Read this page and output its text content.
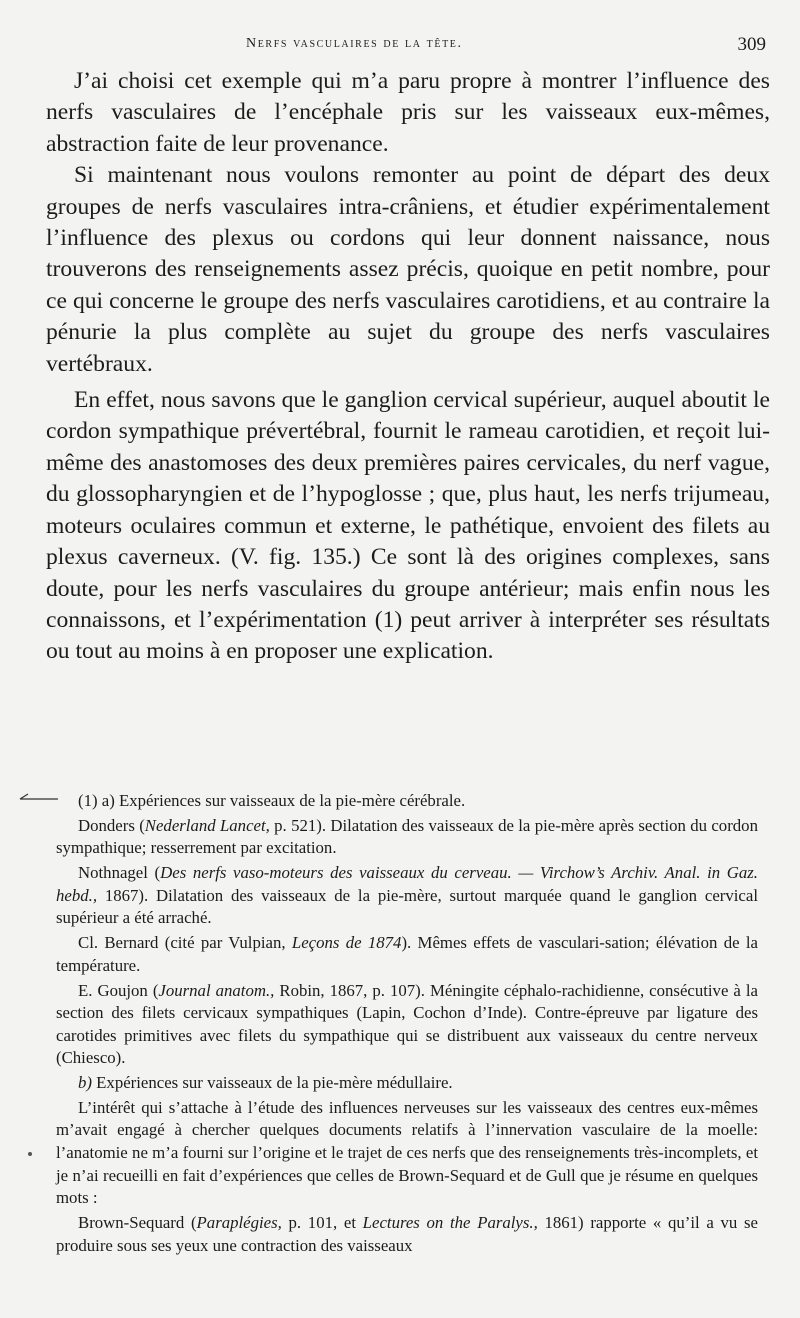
Nerfs vasculaires de la tête.	309

J’ai choisi cet exemple qui m’a paru propre à montrer l’influence des nerfs vasculaires de l’encéphale pris sur les vaisseaux eux-mêmes, abstraction faite de leur provenance.

Si maintenant nous voulons remonter au point de départ des deux groupes de nerfs vasculaires intra-crâniens, et étudier expérimentalement l’influence des plexus ou cordons qui leur donnent naissance, nous trouverons des renseignements assez précis, quoique en petit nombre, pour ce qui concerne le groupe des nerfs vasculaires carotidiens, et au contraire la pénurie la plus complète au sujet du groupe des nerfs vasculaires vertébraux.

En effet, nous savons que le ganglion cervical supérieur, auquel aboutit le cordon sympathique prévertébral, fournit le rameau carotidien, et reçoit lui-même des anastomoses des deux premières paires cervicales, du nerf vague, du glossopharyngien et de l’hypoglosse ; que, plus haut, les nerfs trijumeau, moteurs oculaires commun et externe, le pathétique, envoient des filets au plexus caverneux. (V. fig. 135.) Ce sont là des origines complexes, sans doute, pour les nerfs vasculaires du groupe antérieur; mais enfin nous les connaissons, et l’expérimentation (1) peut arriver à interpréter ses résultats ou tout au moins à en proposer une explication.

(1) a) Expériences sur vaisseaux de la pie-mère cérébrale.

Donders (Nederland Lancet, p. 521). Dilatation des vaisseaux de la pie-mère après section du cordon sympathique; resserrement par excitation.

Nothnagel (Des nerfs vaso-moteurs des vaisseaux du cerveau. — Virchow’s Archiv. Anal. in Gaz. hebd., 1867). Dilatation des vaisseaux de la pie-mère, surtout marquée quand le ganglion cervical supérieur a été arraché.

Cl. Bernard (cité par Vulpian, Leçons de 1874). Mêmes effets de vasculari-sation; élévation de la température.

E. Goujon (Journal anatom., Robin, 1867, p. 107). Méningite céphalo-rachidienne, consécutive à la section des filets cervicaux sympathiques (Lapin, Cochon d’Inde). Contre-épreuve par ligature des carotides primitives avec filets du sympathique qui se distribuent aux vaisseaux du centre nerveux (Chiesco).

b) Expériences sur vaisseaux de la pie-mère médullaire.

L’intérêt qui s’attache à l’étude des influences nerveuses sur les vaisseaux des centres eux-mêmes m’avait engagé à chercher quelques documents relatifs à l’innervation vasculaire de la moelle: l’anatomie ne m’a fourni sur l’origine et le trajet de ces nerfs que des renseignements très-incomplets, et je n’ai recueilli en fait d’expériences que celles de Brown-Sequard et de Gull que je résume en quelques mots :

Brown-Sequard (Paraplégies, p. 101, et Lectures on the Paralys., 1861) rapporte « qu’il a vu se produire sous ses yeux une contraction des vaisseaux
